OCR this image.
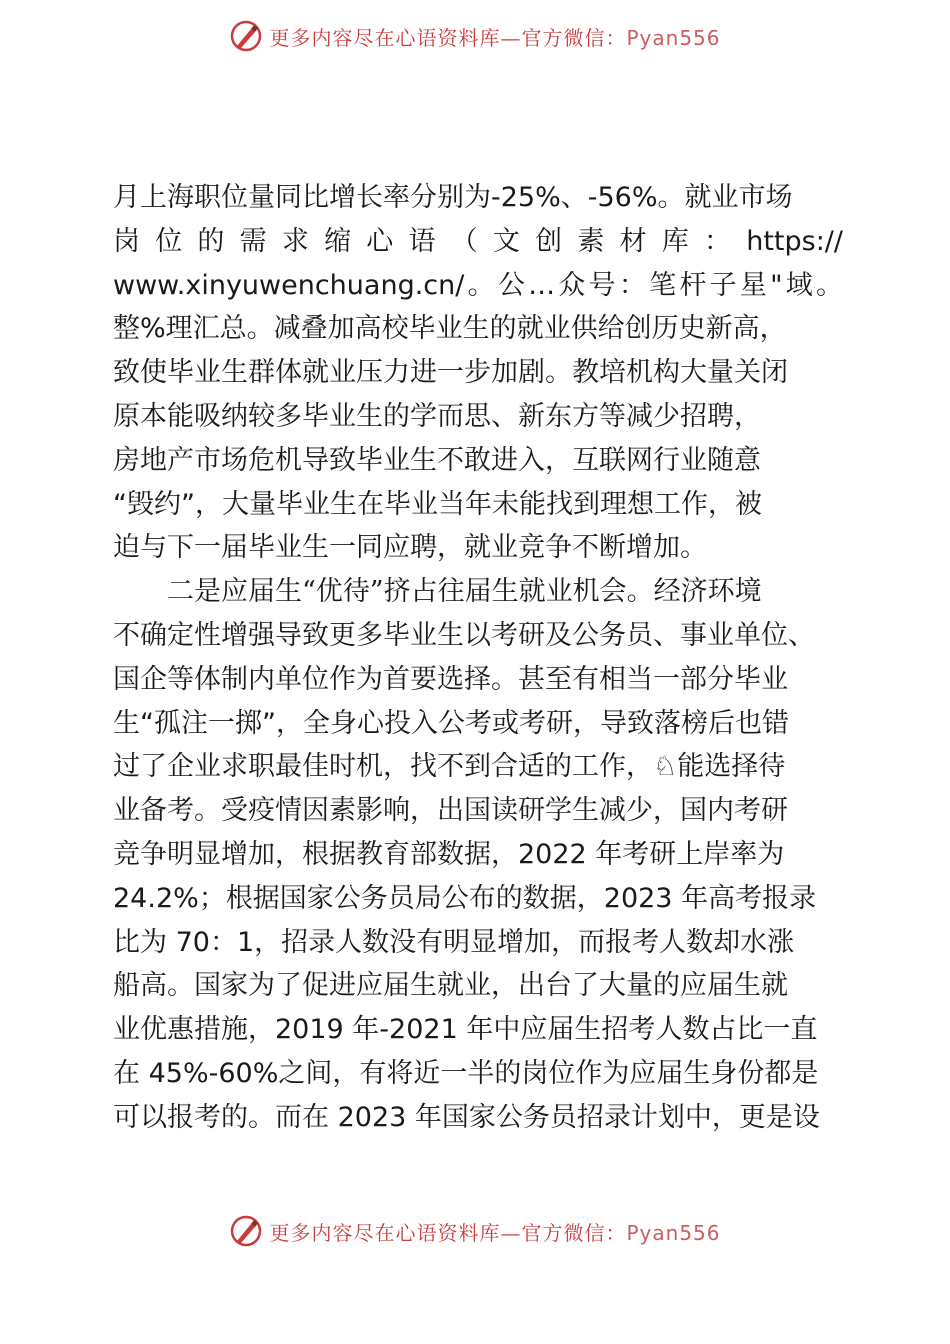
更多内容尽在心语资料库—官方微信：Pyan556
月上海职位量同比增长率分别为-25%、-56%。就业市场
岗位的需求缩心语（文创素材库：https://
www.xinyuwenchuang.cn/。公…众号：笔杆子星"域。
整%理汇总。减叠加高校毕业生的就业供给创历史新高，
致使毕业生群体就业压力进一步加剧。教培机构大量关闭
原本能吸纳较多毕业生的学而思、新东方等减少招聘，
房地产市场危机导致毕业生不敢进入，互联网行业随意
“毁约”，大量毕业生在毕业当年未能找到理想工作，被
迫与下一届毕业生一同应聘，就业竞争不断增加。
　　二是应届生“优待”挤占往届生就业机会。经济环境
不确定性增强导致更多毕业生以考研及公务员、事业单位、
国企等体制内单位作为首要选择。甚至有相当一部分毕业
生“孤注一掷”，全身心投入公考或考研，导致落榜后也错
过了企业求职最佳时机，找不到合适的工作，♘能选择待
业备考。受疫情因素影响，出国读研学生减少，国内考研
竞争明显增加，根据教育部数据，2022 年考研上岸率为
24.2%；根据国家公务员局公布的数据，2023 年高考报录
比为 70：1，招录人数没有明显增加，而报考人数却水涨
船高。国家为了促进应届生就业，出台了大量的应届生就
业优惠措施，2019 年-2021 年中应届生招考人数占比一直
在 45%-60%之间，有将近一半的岗位作为应届生身份都是
可以报考的。而在 2023 年国家公务员招录计划中，更是设
更多内容尽在心语资料库—官方微信：Pyan556
